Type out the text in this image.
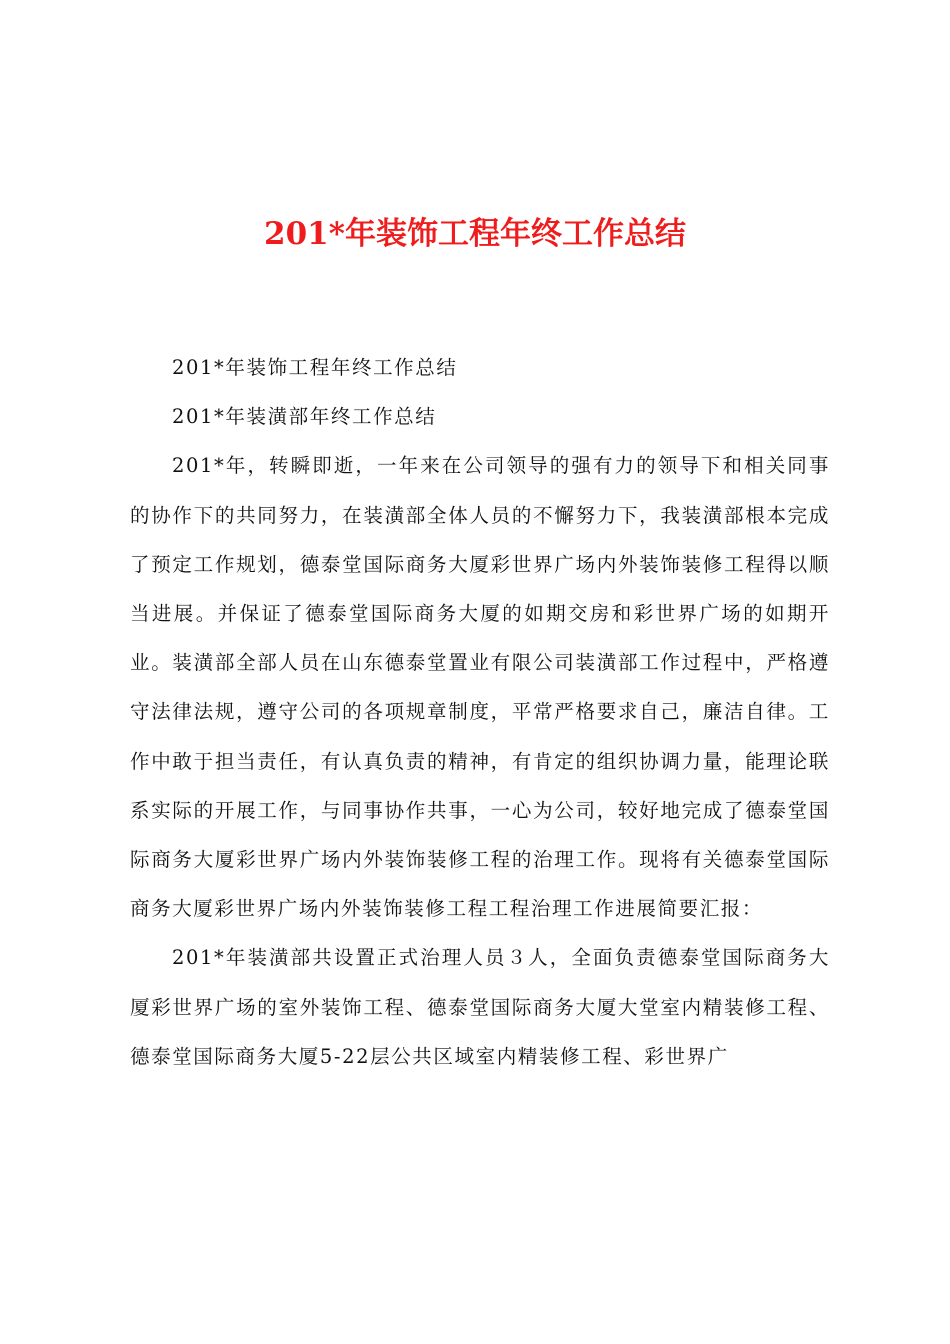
201*年装饰工程年终工作总结

201*年装饰工程年终工作总结

201*年装潢部年终工作总结

201*年，转瞬即逝，一年来在公司领导的强有力的领导下和相关同事的协作下的共同努力，在装潢部全体人员的不懈努力下，我装潢部根本完成了预定工作规划，德泰堂国际商务大厦彩世界广场内外装饰装修工程得以顺当进展。并保证了德泰堂国际商务大厦的如期交房和彩世界广场的如期开业。装潢部全部人员在山东德泰堂置业有限公司装潢部工作过程中，严格遵守法律法规，遵守公司的各项规章制度，平常严格要求自己，廉洁自律。工作中敢于担当责任，有认真负责的精神，有肯定的组织协调力量，能理论联系实际的开展工作，与同事协作共事，一心为公司，较好地完成了德泰堂国际商务大厦彩世界广场内外装饰装修工程的治理工作。现将有关德泰堂国际商务大厦彩世界广场内外装饰装修工程工程治理工作进展简要汇报：

201*年装潢部共设置正式治理人员３人，全面负责德泰堂国际商务大厦彩世界广场的室外装饰工程、德泰堂国际商务大厦大堂室内精装修工程、德泰堂国际商务大厦5-22层公共区域室内精装修工程、彩世界广
